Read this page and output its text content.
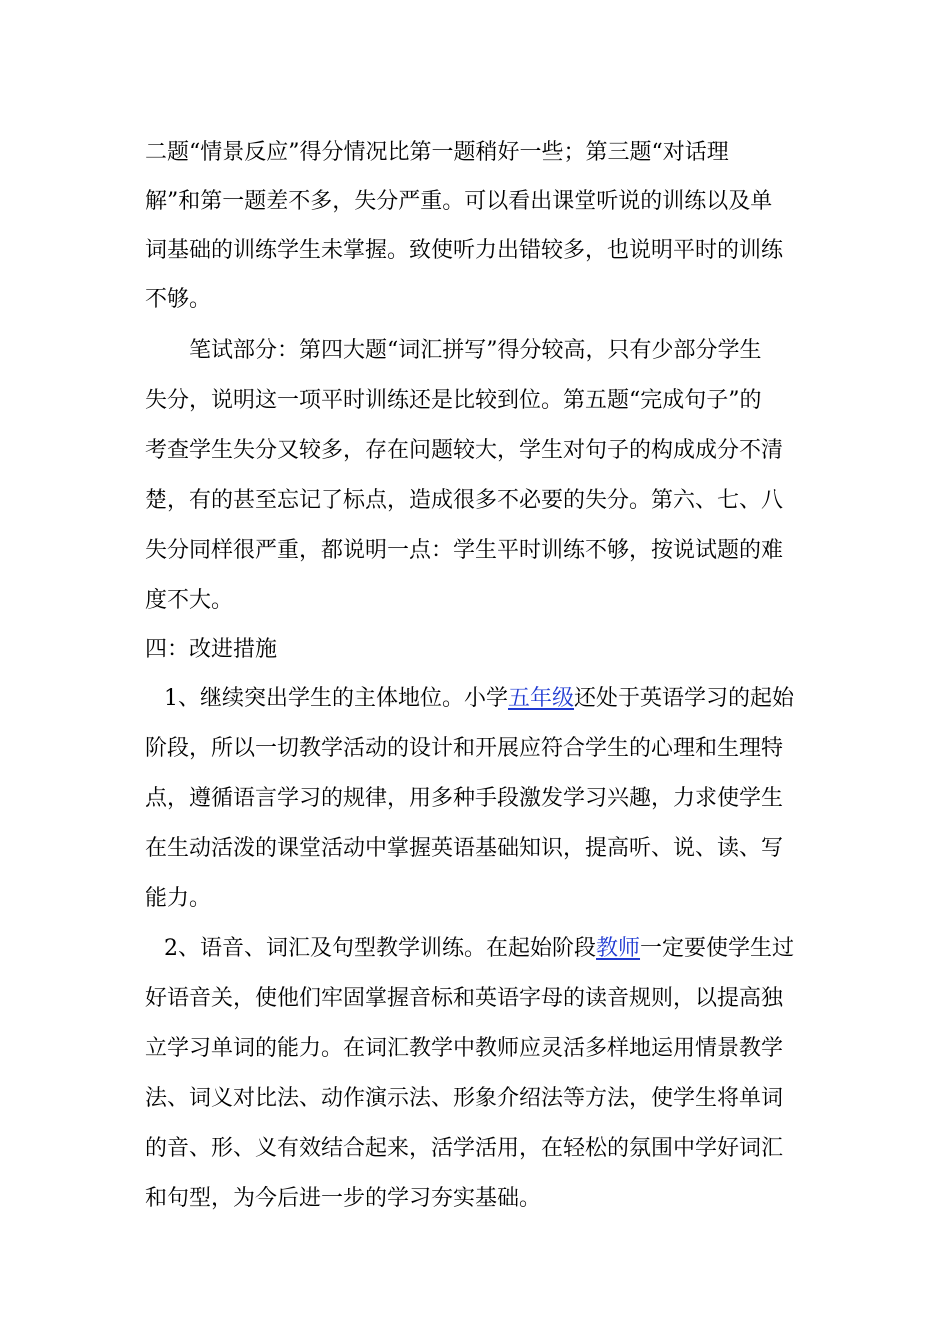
二题“情景反应”得分情况比第一题稍好一些；第三题“对话理
解”和第一题差不多，失分严重。可以看出课堂听说的训练以及单
词基础的训练学生未掌握。致使听力出错较多，也说明平时的训练
不够。
笔试部分：第四大题“词汇拼写”得分较高，只有少部分学生
失分，说明这一项平时训练还是比较到位。第五题“完成句子”的
考查学生失分又较多，存在问题较大，学生对句子的构成成分不清
楚，有的甚至忘记了标点，造成很多不必要的失分。第六、七、八
失分同样很严重，都说明一点：学生平时训练不够，按说试题的难
度不大。
四：改进措施
1、继续突出学生的主体地位。小学五年级还处于英语学习的起始
阶段，所以一切教学活动的设计和开展应符合学生的心理和生理特
点，遵循语言学习的规律，用多种手段激发学习兴趣，力求使学生
在生动活泼的课堂活动中掌握英语基础知识，提高听、说、读、写
能力。
2、语音、词汇及句型教学训练。在起始阶段教师一定要使学生过
好语音关，使他们牢固掌握音标和英语字母的读音规则，以提高独
立学习单词的能力。在词汇教学中教师应灵活多样地运用情景教学
法、词义对比法、动作演示法、形象介绍法等方法，使学生将单词
的音、形、义有效结合起来，活学活用，在轻松的氛围中学好词汇
和句型，为今后进一步的学习夯实基础。
